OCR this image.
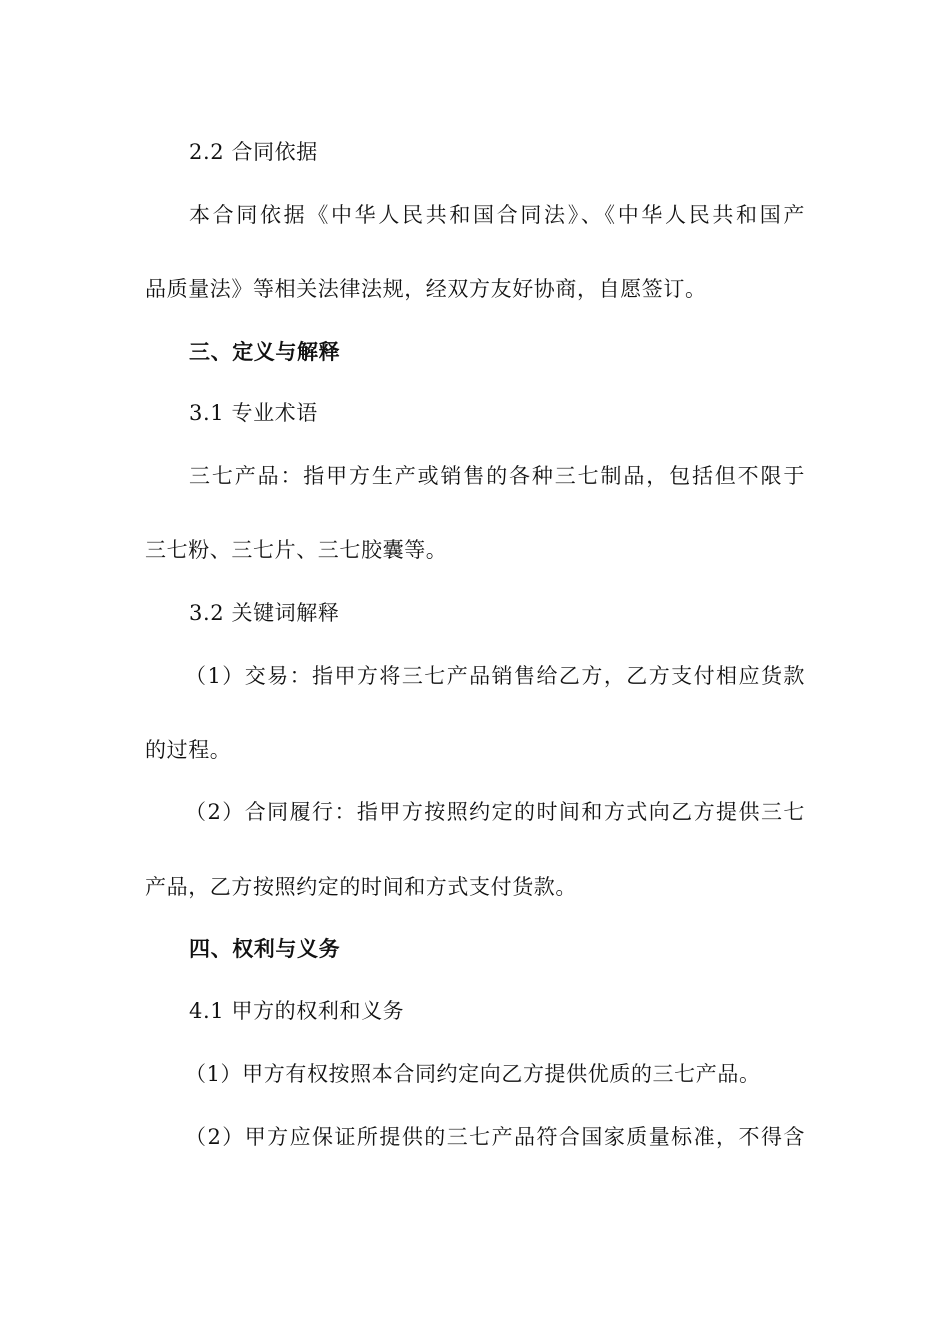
2.2 合同依据
本合同依据《中华人民共和国合同法》、《中华人民共和国产
品质量法》等相关法律法规，经双方友好协商，自愿签订。
三、定义与解释
3.1 专业术语
三七产品：指甲方生产或销售的各种三七制品，包括但不限于
三七粉、三七片、三七胶囊等。
3.2 关键词解释
（1）交易：指甲方将三七产品销售给乙方，乙方支付相应货款
的过程。
（2）合同履行：指甲方按照约定的时间和方式向乙方提供三七
产品，乙方按照约定的时间和方式支付货款。
四、权利与义务
4.1 甲方的权利和义务
（1）甲方有权按照本合同约定向乙方提供优质的三七产品。
（2）甲方应保证所提供的三七产品符合国家质量标准，不得含
